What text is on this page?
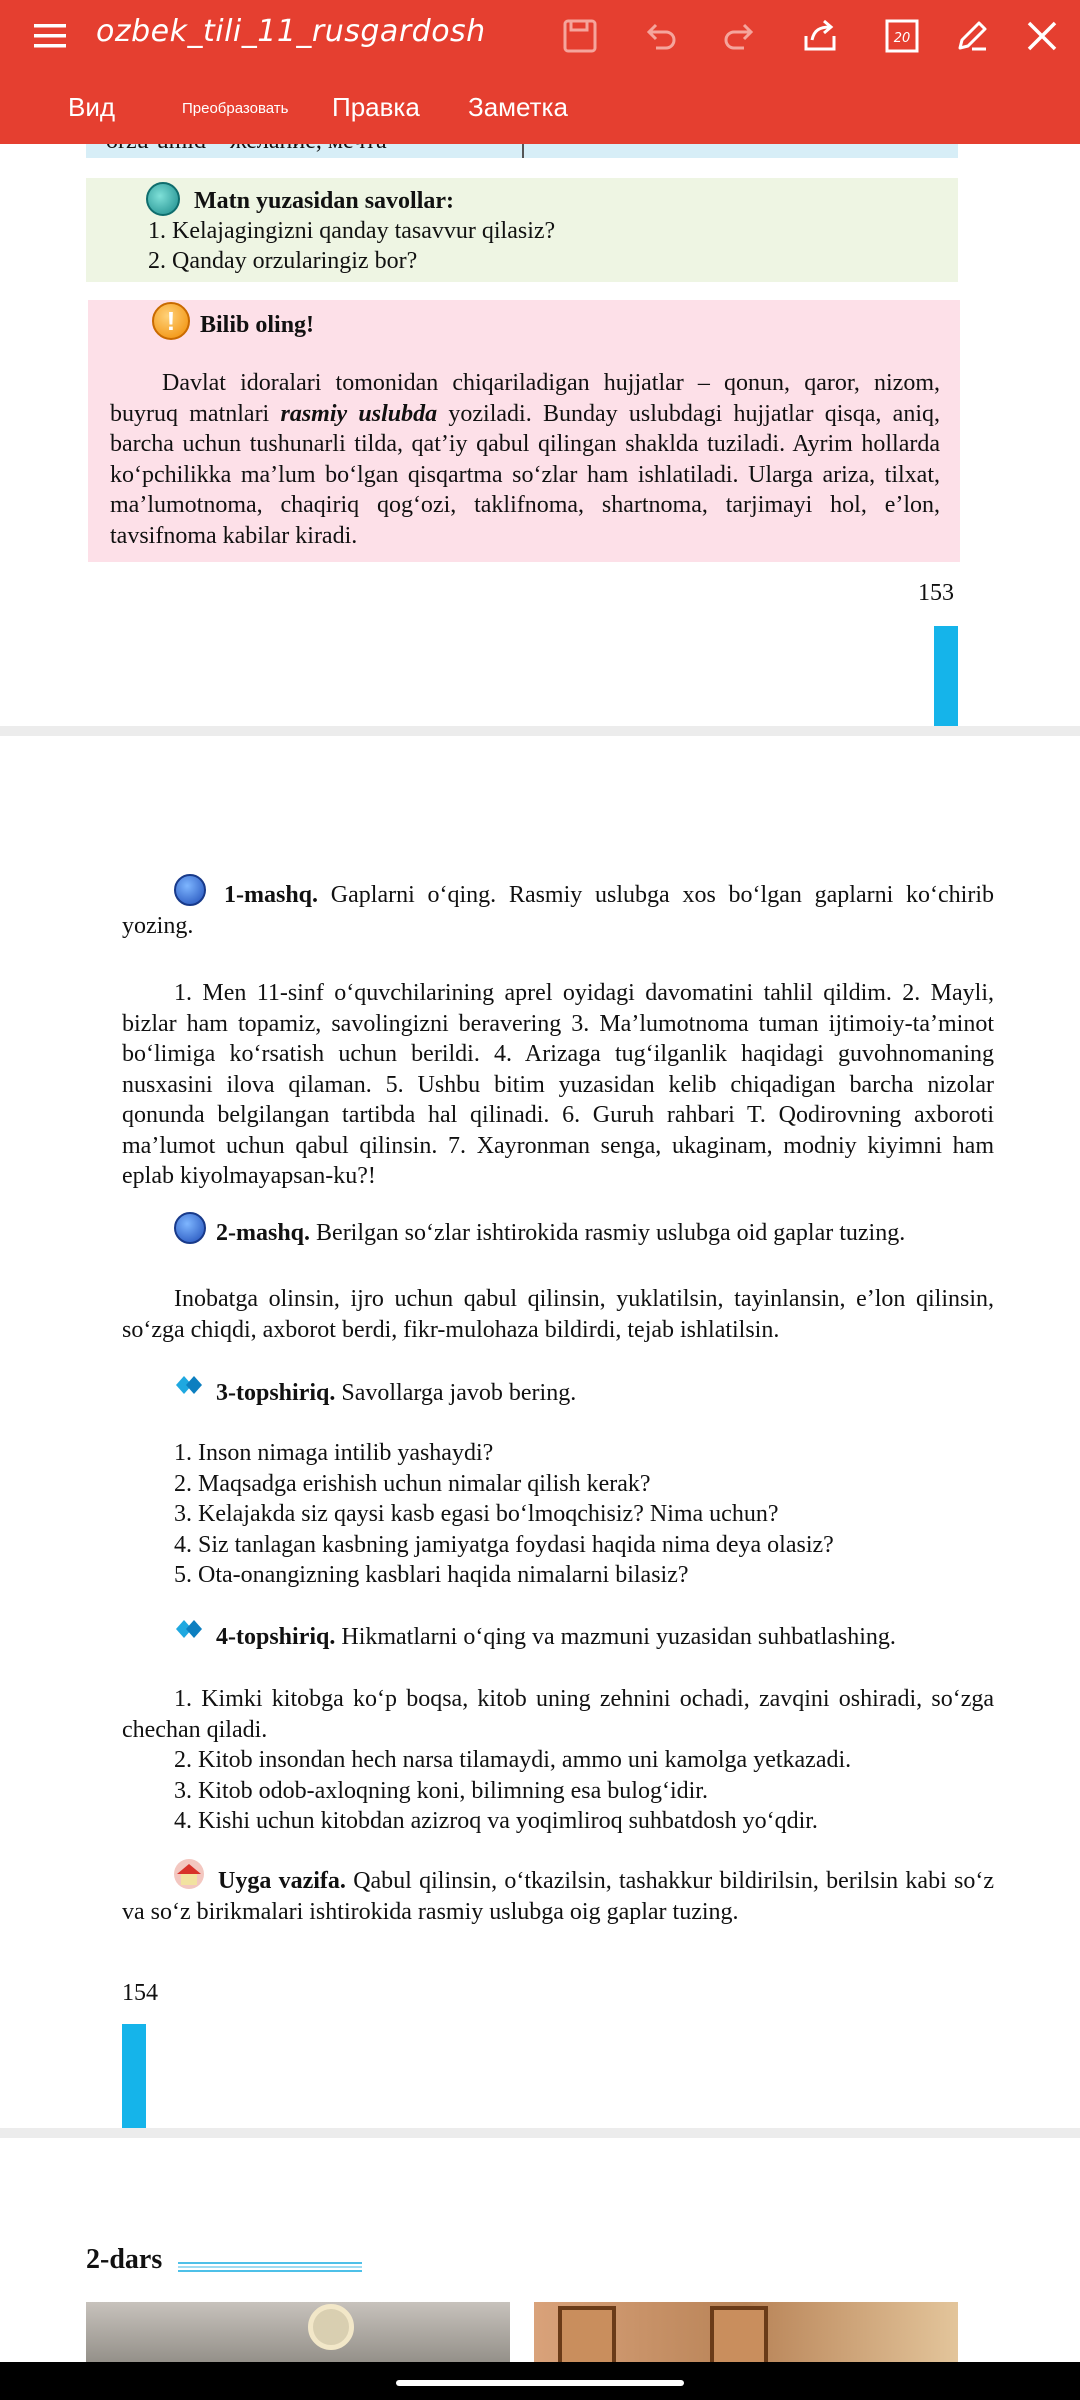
ozbek_tili_11_rusgardosh	20
Вид	Преобразовать Правка Заметка
Matn yuzasidan savollar:
1. Kelajagingizni qanday tasavvur qilasiz?
2. Qanday orzularingiz bor?
!	Bilib oling!
Davlat idoralari tomonidan chiqariladigan hujjatlar – qonun, qaror, nizom, buyruq matnlari rasmiy uslubda yoziladi. Bunday uslubdagi hujjatlar qisqa, aniq, barcha uchun tushunarli tilda, qat’iy qabul qilingan shaklda tuziladi. Ayrim hollarda ko‘pchilikka ma’lum bo‘lgan qisqartma so‘zlar ham ishlatiladi. Ularga ariza, tilxat, ma’lumotnoma, chaqiriq qog‘ozi, taklifnoma, shartnoma, tarjimayi hol, e’lon, tavsifnoma kabilar kiradi.
153
1-mashq. Gaplarni o‘qing. Rasmiy uslubga xos bo‘lgan gaplarni ko‘chirib yozing.
1. Men 11-sinf o‘quvchilarining aprel oyidagi davomatini tahlil qildim. 2. Mayli, bizlar ham topamiz, savolingizni beravering 3. Ma’lumotnoma tuman ijtimoiy-ta’minot bo‘limiga ko‘rsatish uchun berildi. 4. Arizaga tug‘ilganlik haqidagi guvohnomaning nusxasini ilova qilaman. 5. Ushbu bitim yuzasidan kelib chiqadigan barcha nizolar qonunda belgilangan tartibda hal qilinadi. 6. Guruh rahbari T. Qodirovning axboroti ma’lumot uchun qabul qilinsin. 7. Xayronman senga, ukaginam, modniy kiyimni ham eplab kiyolmayapsan-ku?!
2-mashq. Berilgan so‘zlar ishtirokida rasmiy uslubga oid gaplar tuzing.
Inobatga olinsin, ijro uchun qabul qilinsin, yuklatilsin, tayinlansin, e’lon qilinsin, so‘zga chiqdi, axborot berdi, fikr-mulohaza bildirdi, tejab ishlatilsin.
3-topshiriq. Savollarga javob bering.
1. Inson nimaga intilib yashaydi?
2. Maqsadga erishish uchun nimalar qilish kerak?
3. Kelajakda siz qaysi kasb egasi bo‘lmoqchisiz? Nima uchun?
4. Siz tanlagan kasbning jamiyatga foydasi haqida nima deya olasiz?
5. Ota-onangizning kasblari haqida nimalarni bilasiz?
4-topshiriq. Hikmatlarni o‘qing va mazmuni yuzasidan suhbatlashing.
1. Kimki kitobga ko‘p boqsa, kitob uning zehnini ochadi, zavqini oshiradi, so‘zga chechan qiladi.
2. Kitob insondan hech narsa tilamaydi, ammo uni kamolga yetkazadi.
3. Kitob odob-axloqning koni, bilimning esa bulog‘idir.
4. Kishi uchun kitobdan azizroq va yoqimliroq suhbatdosh yo‘qdir.
Uyga vazifa. Qabul qilinsin, o‘tkazilsin, tashakkur bildirilsin, berilsin kabi so‘z va so‘z birikmalari ishtirokida rasmiy uslubga oig gaplar tuzing.
154
2-dars
